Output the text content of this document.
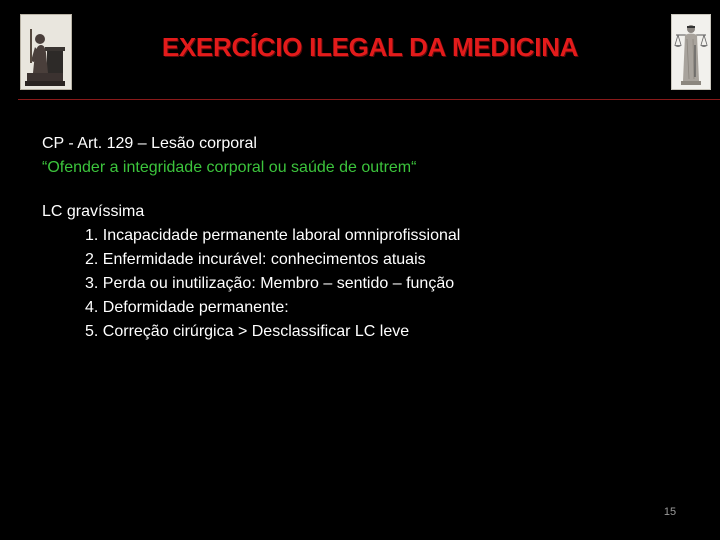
EXERCÍCIO ILEGAL DA MEDICINA
CP - Art. 129 – Lesão corporal
“Ofender a integridade corporal ou saúde de outrem“
LC gravíssima
1. Incapacidade permanente laboral omniprofissional
2. Enfermidade incurável: conhecimentos atuais
3. Perda ou inutilização: Membro – sentido – função
4. Deformidade permanente:
5. Correção cirúrgica > Desclassificar LC leve
15
